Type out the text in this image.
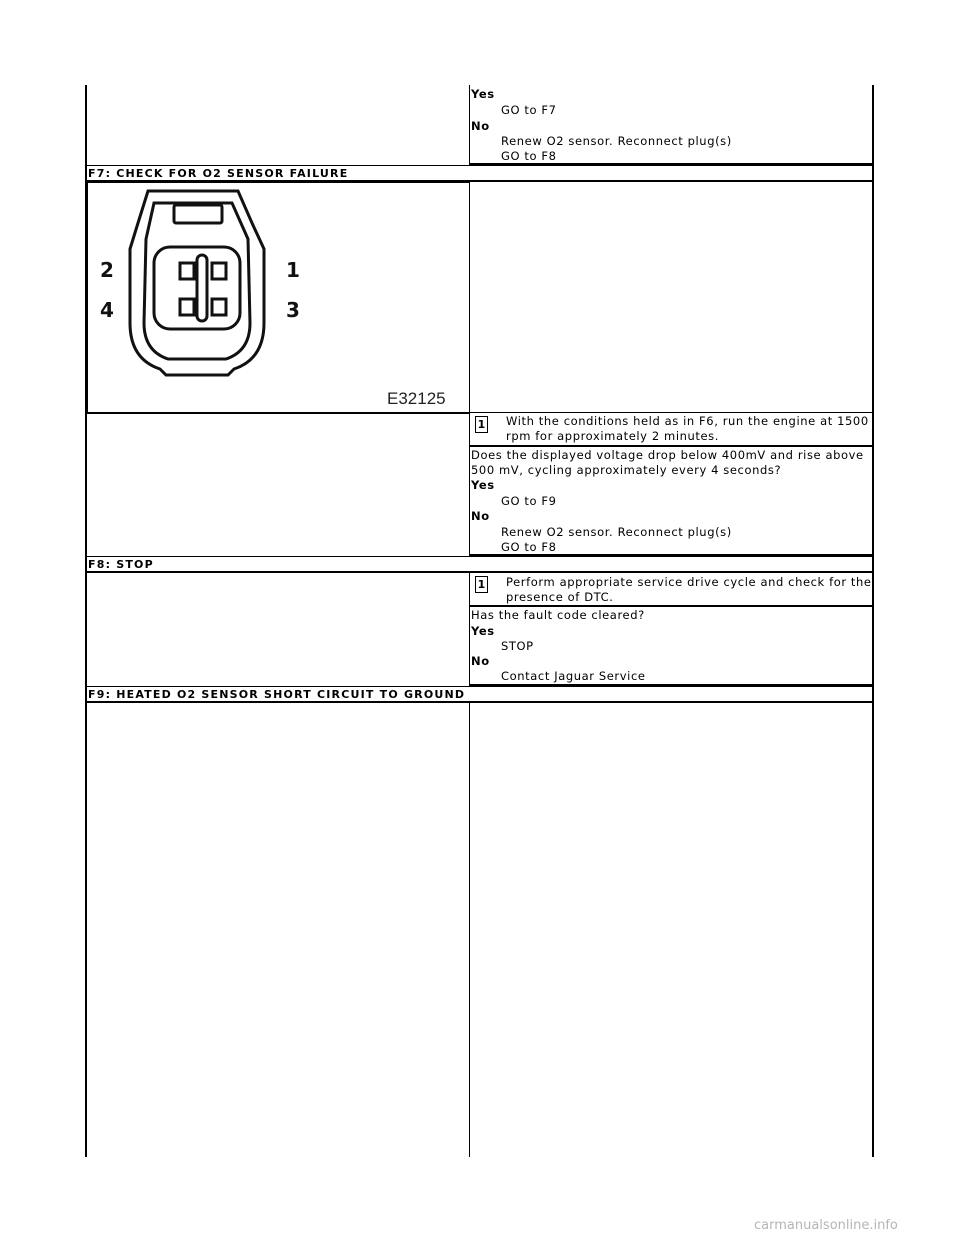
Yes
GO to F7
No
Renew O2 sensor. Reconnect plug(s)
GO to F8
F7: CHECK FOR O2 SENSOR FAILURE
2
4
1
3
E32125
1 With the conditions held as in F6, run the engine at 1500
rpm for approximately 2 minutes.
Does the displayed voltage drop below 400mV and rise above
500 mV, cycling approximately every 4 seconds?
Yes
GO to F9
No
Renew O2 sensor. Reconnect plug(s)
GO to F8
F8: STOP
1 Perform appropriate service drive cycle and check for the
presence of DTC.
Has the fault code cleared?
Yes
STOP
No
Contact Jaguar Service
F9: HEATED O2 SENSOR SHORT CIRCUIT TO GROUND
carmanualsonline.info
